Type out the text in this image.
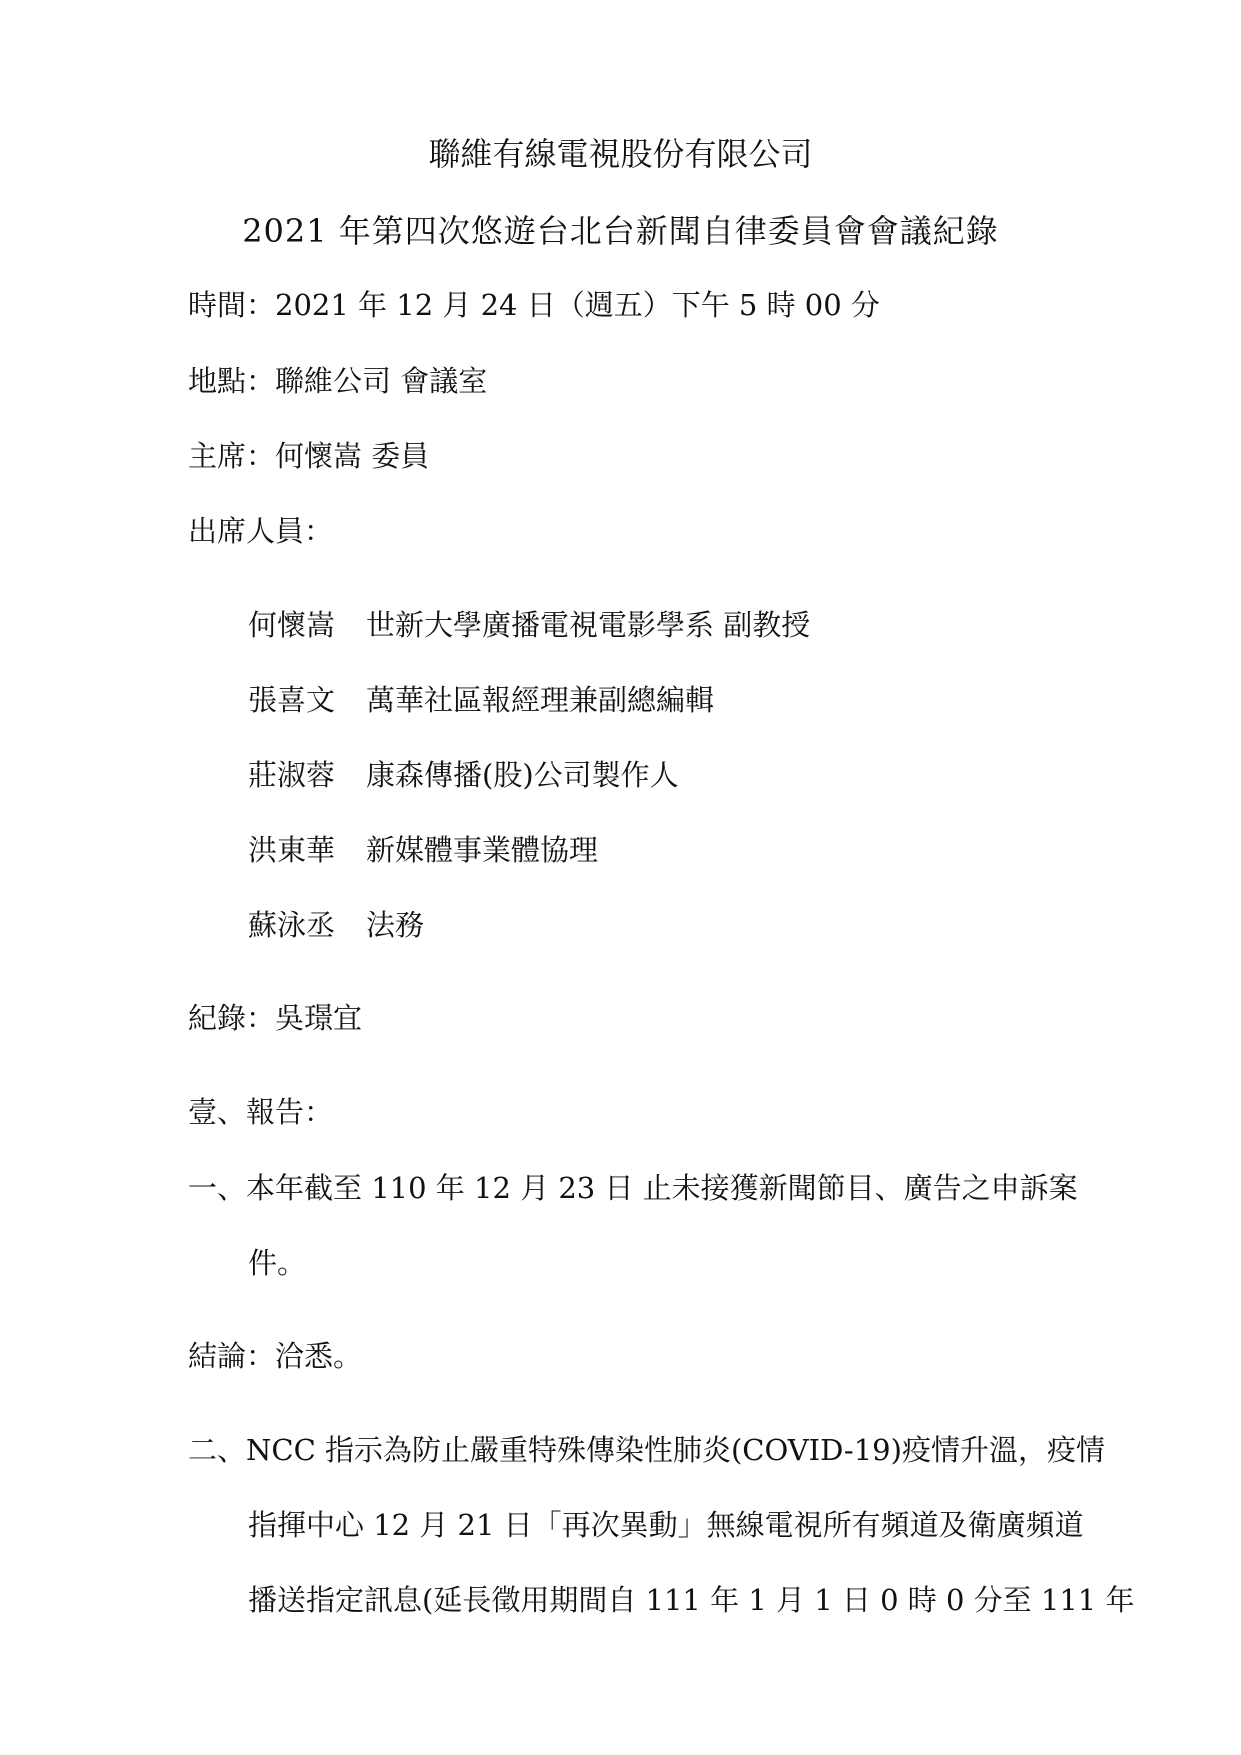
聯維有線電視股份有限公司
2021 年第四次悠遊台北台新聞自律委員會會議紀錄
時間：2021 年 12 月 24 日（週五）下午 5 時 00 分
地點：聯維公司 會議室
主席：何懷嵩 委員
出席人員：
何懷嵩 世新大學廣播電視電影學系 副教授
張喜文 萬華社區報經理兼副總編輯
莊淑蓉 康森傳播(股)公司製作人
洪東華 新媒體事業體協理
蘇泳丞 法務
紀錄：吳璟宜
壹、報告：
一、本年截至 110 年 12 月 23 日 止未接獲新聞節目、廣告之申訴案
件。
結論：洽悉。
二、NCC 指示為防止嚴重特殊傳染性肺炎(COVID-19)疫情升溫，疫情
指揮中心 12 月 21 日「再次異動」無線電視所有頻道及衛廣頻道
播送指定訊息(延長徵用期間自 111 年 1 月 1 日 0 時 0 分至 111 年
